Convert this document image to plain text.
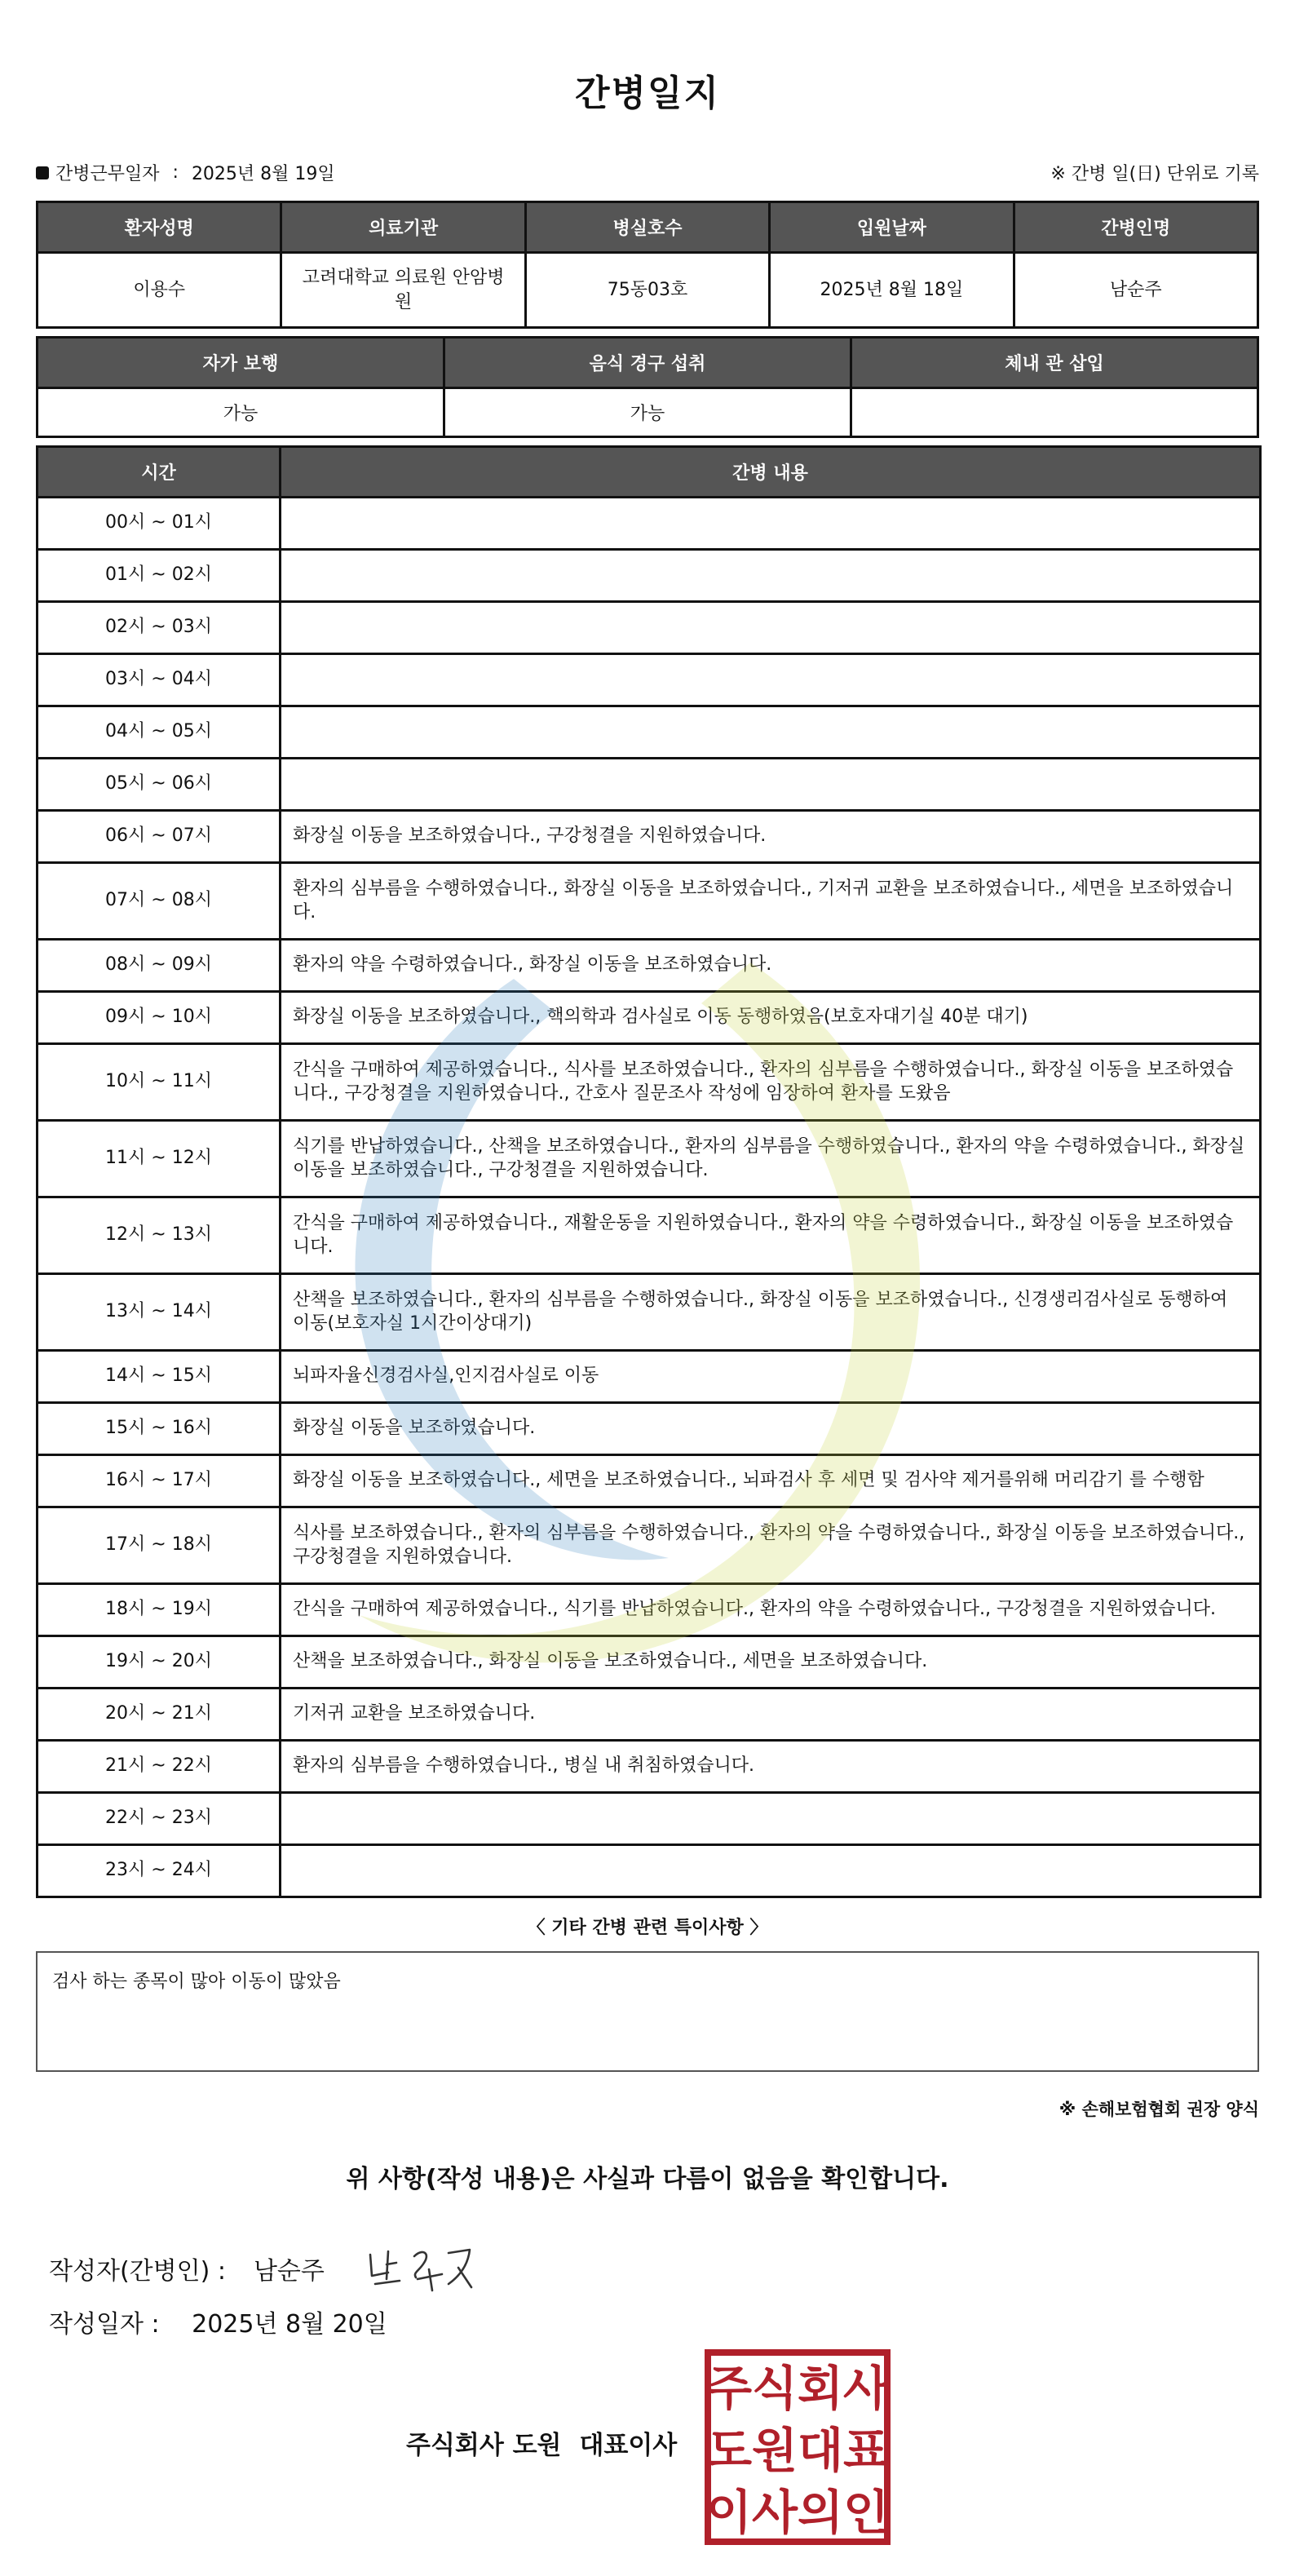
간병일지
간병근무일자 : 2025년 8월 19일	※ 간병 일(日) 단위로 기록
환자성명	의료기관	병실호수	입원날짜	간병인명
이용수	고려대학교 의료원 안암병원	75동03호	2025년 8월 18일	남순주
자가 보행	음식 경구 섭취	체내 관 삽입
가능	가능	
시간	간병 내용
00시 ~ 01시	
01시 ~ 02시	
02시 ~ 03시	
03시 ~ 04시	
04시 ~ 05시	
05시 ~ 06시	
06시 ~ 07시	화장실 이동을 보조하였습니다., 구강청결을 지원하였습니다.
07시 ~ 08시	환자의 심부름을 수행하였습니다., 화장실 이동을 보조하였습니다., 기저귀 교환을 보조하였습니다., 세면을 보조하였습니다.
08시 ~ 09시	환자의 약을 수령하였습니다., 화장실 이동을 보조하였습니다.
09시 ~ 10시	화장실 이동을 보조하였습니다., 핵의학과 검사실로 이동 동행하였음(보호자대기실 40분 대기)
10시 ~ 11시	간식을 구매하여 제공하였습니다., 식사를 보조하였습니다., 환자의 심부름을 수행하였습니다., 화장실 이동을 보조하였습니다., 구강청결을 지원하였습니다., 간호사 질문조사 작성에 임장하여 환자를 도왔음
11시 ~ 12시	식기를 반납하였습니다., 산책을 보조하였습니다., 환자의 심부름을 수행하였습니다., 환자의 약을 수령하였습니다., 화장실 이동을 보조하였습니다., 구강청결을 지원하였습니다.
12시 ~ 13시	간식을 구매하여 제공하였습니다., 재활운동을 지원하였습니다., 환자의 약을 수령하였습니다., 화장실 이동을 보조하였습니다.
13시 ~ 14시	산책을 보조하였습니다., 환자의 심부름을 수행하였습니다., 화장실 이동을 보조하였습니다., 신경생리검사실로 동행하여 이동(보호자실 1시간이상대기)
14시 ~ 15시	뇌파자율신경검사실,인지검사실로 이동
15시 ~ 16시	화장실 이동을 보조하였습니다.
16시 ~ 17시	화장실 이동을 보조하였습니다., 세면을 보조하였습니다., 뇌파검사 후 세면 및 검사약 제거를위해 머리감기 를 수행함
17시 ~ 18시	식사를 보조하였습니다., 환자의 심부름을 수행하였습니다., 환자의 약을 수령하였습니다., 화장실 이동을 보조하였습니다., 구강청결을 지원하였습니다.
18시 ~ 19시	간식을 구매하여 제공하였습니다., 식기를 반납하였습니다., 환자의 약을 수령하였습니다., 구강청결을 지원하였습니다.
19시 ~ 20시	산책을 보조하였습니다., 화장실 이동을 보조하였습니다., 세면을 보조하였습니다.
20시 ~ 21시	기저귀 교환을 보조하였습니다.
21시 ~ 22시	환자의 심부름을 수행하였습니다., 병실 내 취침하였습니다.
22시 ~ 23시	
23시 ~ 24시	
〈 기타 간병 관련 특이사항 〉
검사 하는 종목이 많아 이동이 많았음
※ 손해보험협회 권장 양식
위 사항(작성 내용)은 사실과 다름이 없음을 확인합니다.
작성자(간병인) : 남순주
작성일자 : 2025년 8월 20일
주식회사 도원 대표이사
주식회사
도원대표
이사의인
